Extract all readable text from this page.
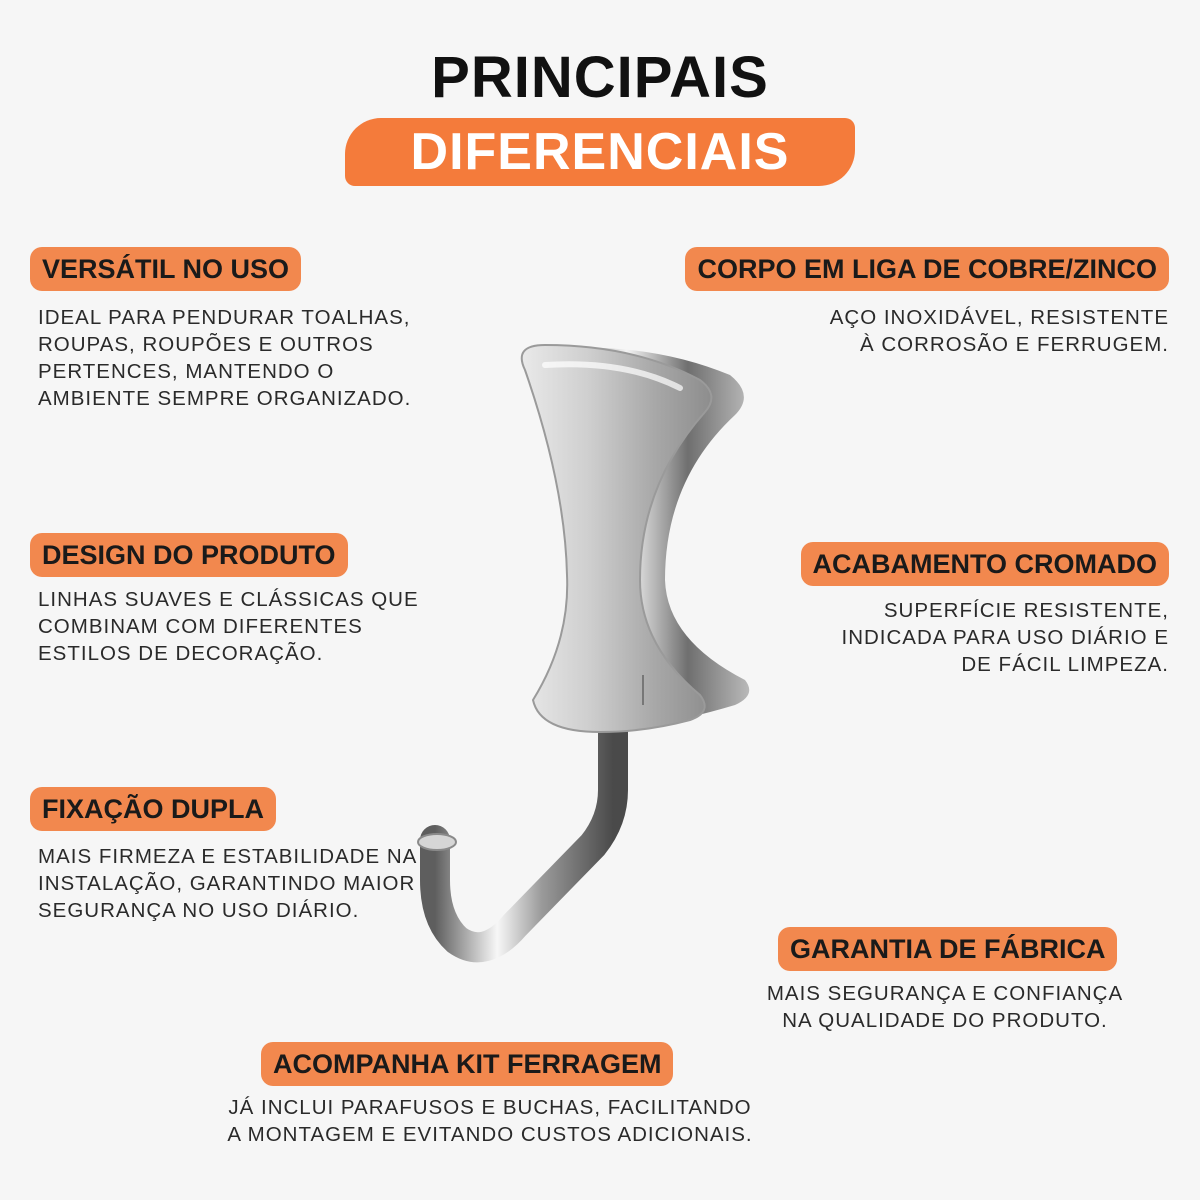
PRINCIPAIS
DIFERENCIAIS
VERSÁTIL NO USO
IDEAL PARA PENDURAR TOALHAS,
ROUPAS, ROUPÕES E OUTROS
PERTENCES, MANTENDO O
AMBIENTE SEMPRE ORGANIZADO.
DESIGN DO PRODUTO
LINHAS SUAVES E CLÁSSICAS QUE
COMBINAM COM DIFERENTES
ESTILOS DE DECORAÇÃO.
FIXAÇÃO DUPLA
MAIS FIRMEZA E ESTABILIDADE NA
INSTALAÇÃO, GARANTINDO MAIOR
SEGURANÇA NO USO DIÁRIO.
CORPO EM LIGA DE COBRE/ZINCO
AÇO INOXIDÁVEL, RESISTENTE
À CORROSÃO E FERRUGEM.
ACABAMENTO CROMADO
SUPERFÍCIE RESISTENTE,
INDICADA PARA USO DIÁRIO E
DE FÁCIL LIMPEZA.
GARANTIA DE FÁBRICA
MAIS SEGURANÇA E CONFIANÇA
NA QUALIDADE DO PRODUTO.
ACOMPANHA KIT FERRAGEM
JÁ INCLUI PARAFUSOS E BUCHAS, FACILITANDO
A MONTAGEM E EVITANDO CUSTOS ADICIONAIS.
